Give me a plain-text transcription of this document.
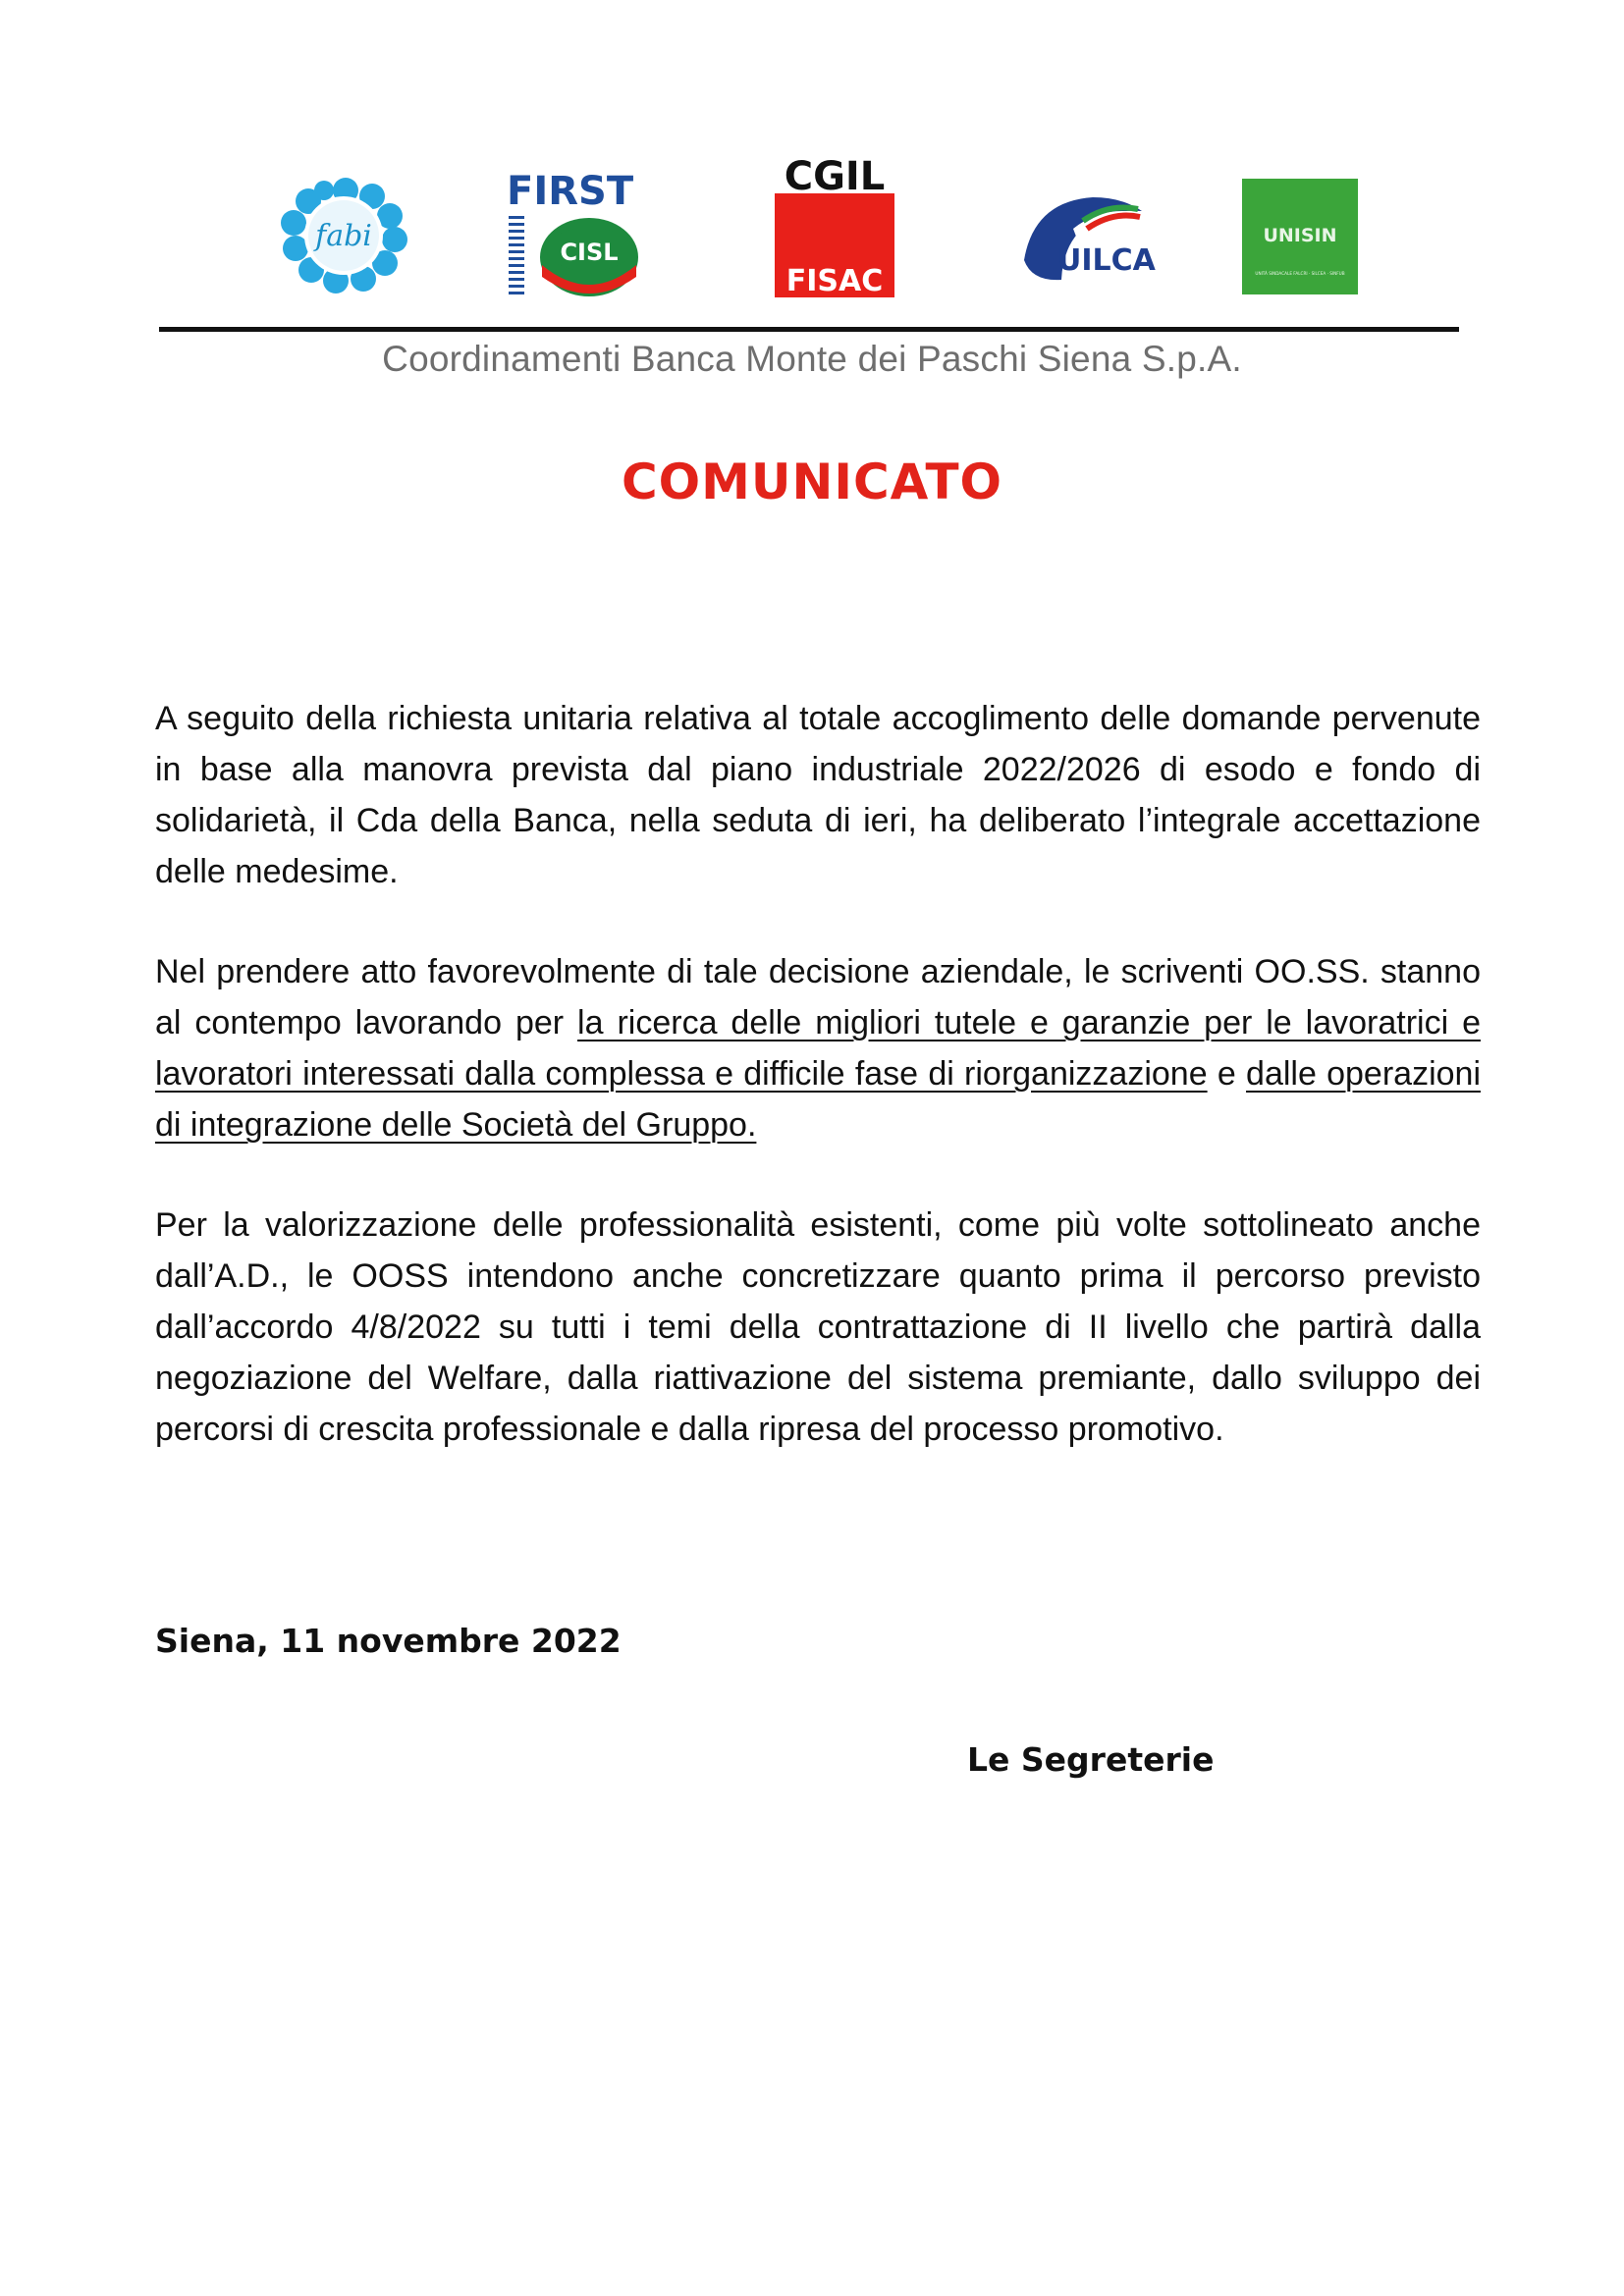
fabi
FIRST
CISL
CGIL
FISAC
UILCA
UNISIN
UNITÀ SINDACALE FALCRI · SILCEA · SINFUB
Coordinamenti Banca Monte dei Paschi Siena S.p.A.
COMUNICATO
A seguito della richiesta unitaria relativa al totale accoglimento delle domande pervenute in base alla manovra prevista dal piano industriale 2022/2026 di esodo e fondo di solidarietà, il Cda della Banca, nella seduta di ieri, ha deliberato l’integrale accettazione delle medesime.
Nel prendere atto favorevolmente di tale decisione aziendale, le scriventi OO.SS. stanno al contempo lavorando per la ricerca delle migliori tutele e garanzie per le lavoratrici e lavoratori interessati dalla complessa e difficile fase di riorganizzazione e dalle operazioni di integrazione delle Società del Gruppo.
Per la valorizzazione delle professionalità esistenti, come più volte sottolineato anche dall’A.D., le OOSS intendono anche concretizzare quanto prima il percorso previsto dall’accordo 4/8/2022 su tutti i temi della contrattazione di II livello che partirà dalla negoziazione del Welfare, dalla riattivazione del sistema premiante, dallo sviluppo dei percorsi di crescita professionale e dalla ripresa del processo promotivo.
Siena, 11 novembre 2022
Le Segreterie
